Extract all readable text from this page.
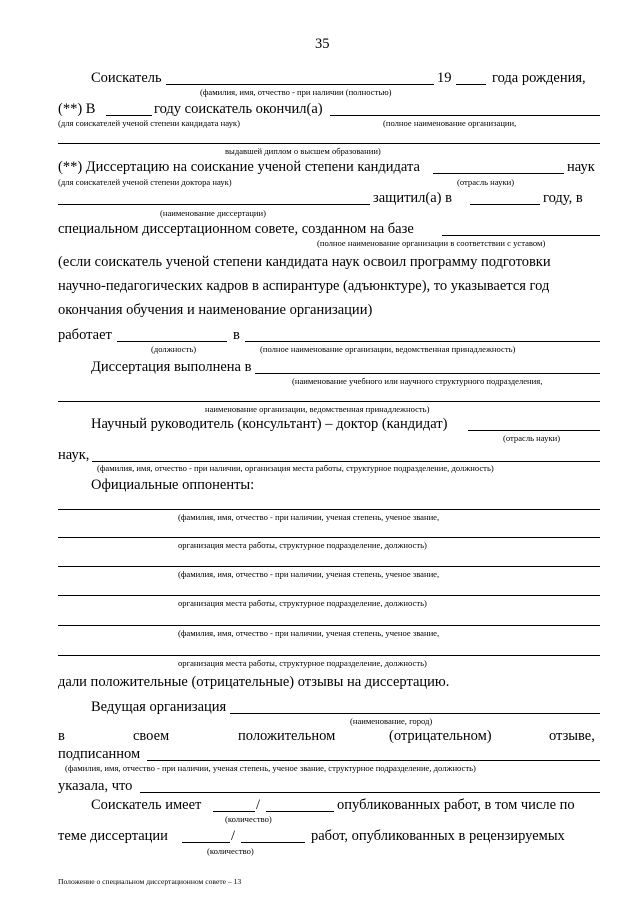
35
Соискатель	19	года рождения,
(фамилия, имя, отчество - при наличии (полностью)
(**) В	году соискатель окончил(а)
(для соискателей ученой степени кандидата наук)	(полное наименование организации,
выдавшей диплом о высшем образовании)
(**) Диссертацию на соискание ученой степени кандидата	наук
(для соискателей ученой степени доктора наук)	(отрасль науки)
защитил(а) в	году, в
(наименование диссертации)
специальном диссертационном совете, созданном на базе
(полное наименование организации в соответствии с уставом)
(если соискатель ученой степени кандидата наук освоил программу подготовки
научно-педагогических кадров в аспирантуре (адъюнктуре), то указывается год
окончания обучения и наименование организации)
работает	в
(должность)	(полное наименование организации, ведомственная принадлежность)
Диссертация выполнена в
(наименование учебного или научного структурного подразделения,
наименование организации, ведомственная принадлежность)
Научный руководитель (консультант) – доктор (кандидат)
(отрасль науки)
наук,
(фамилия, имя, отчество - при наличии, организация места работы, структурное подразделение, должность)
Официальные оппоненты:
(фамилия, имя, отчество - при наличии, ученая степень, ученое звание,
организация места работы, структурное подразделение, должность)
(фамилия, имя, отчество - при наличии, ученая степень, ученое звание,
организация места работы, структурное подразделение, должность)
(фамилия, имя, отчество - при наличии, ученая степень, ученое звание,
организация места работы, структурное подразделение, должность)
дали положительные (отрицательные) отзывы на диссертацию.
Ведущая организация
(наименование, город)
в	своем	положительном	(отрицательном)	отзыве,
подписанном
(фамилия, имя, отчество - при наличии, ученая степень, ученое звание, структурное подразделение, должность)
указала, что
Соискатель имеет	/	опубликованных работ, в том числе по
(количество)
теме диссертации	/	работ, опубликованных в рецензируемых
(количество)
Положение о специальном диссертационном совете – 13
